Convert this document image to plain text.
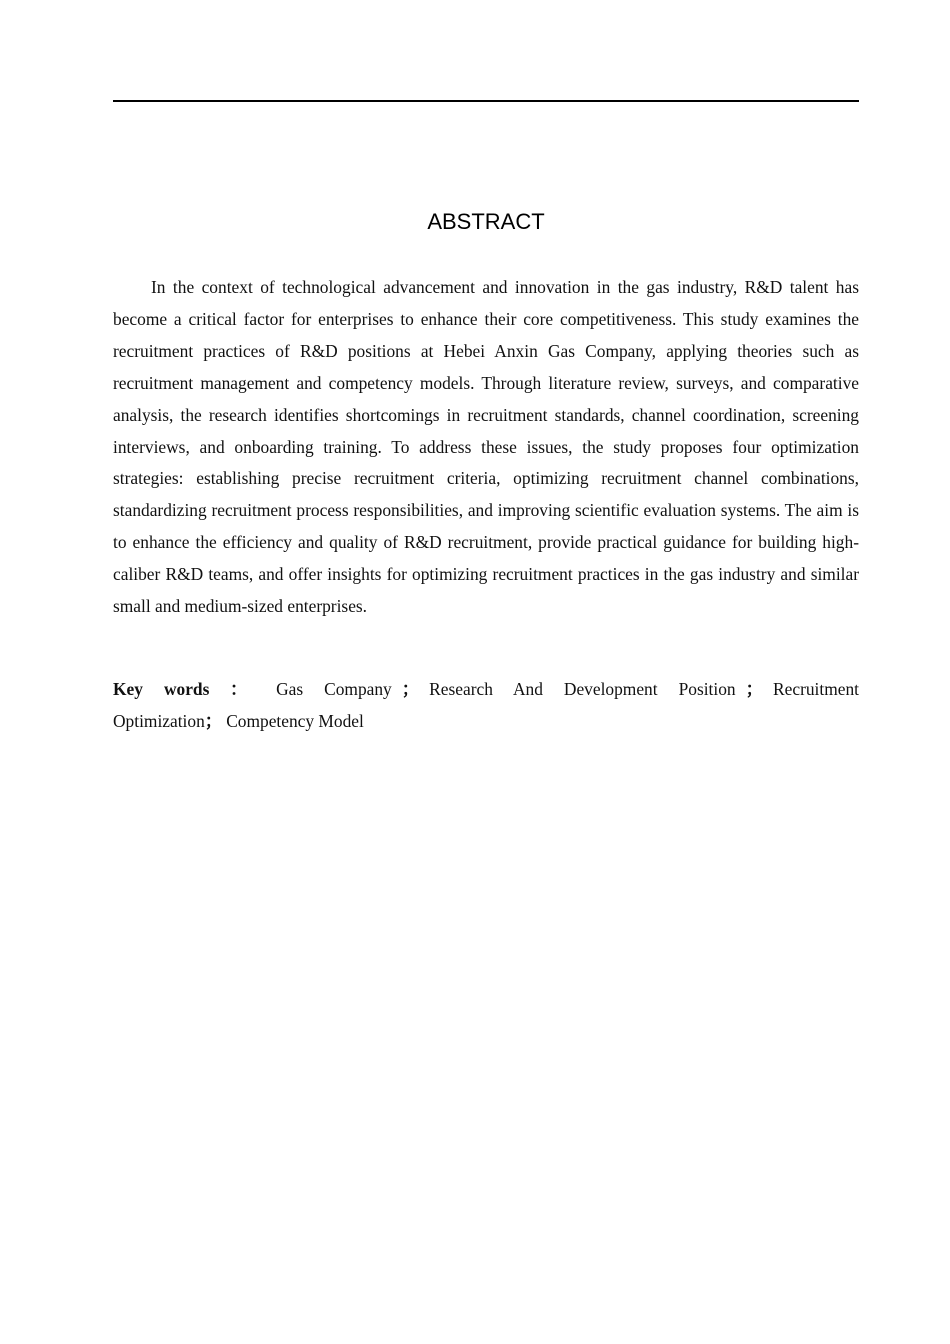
ABSTRACT

In the context of technological advancement and innovation in the gas industry, R&D talent has become a critical factor for enterprises to enhance their core competitiveness. This study examines the recruitment practices of R&D positions at Hebei Anxin Gas Company, applying theories such as recruitment management and competency models. Through literature review, surveys, and comparative analysis, the research identifies shortcomings in recruitment standards, channel coordination, screening interviews, and onboarding training. To address these issues, the study proposes four optimization strategies: establishing precise recruitment criteria, optimizing recruitment channel combinations, standardizing recruitment process responsibilities, and improving scientific evaluation systems. The aim is to enhance the efficiency and quality of R&D recruitment, provide practical guidance for building high-caliber R&D teams, and offer insights for optimizing recruitment practices in the gas industry and similar small and medium-sized enterprises.

Key words ： Gas Company ； Research And Development Position ； Recruitment Optimization； Competency Model
